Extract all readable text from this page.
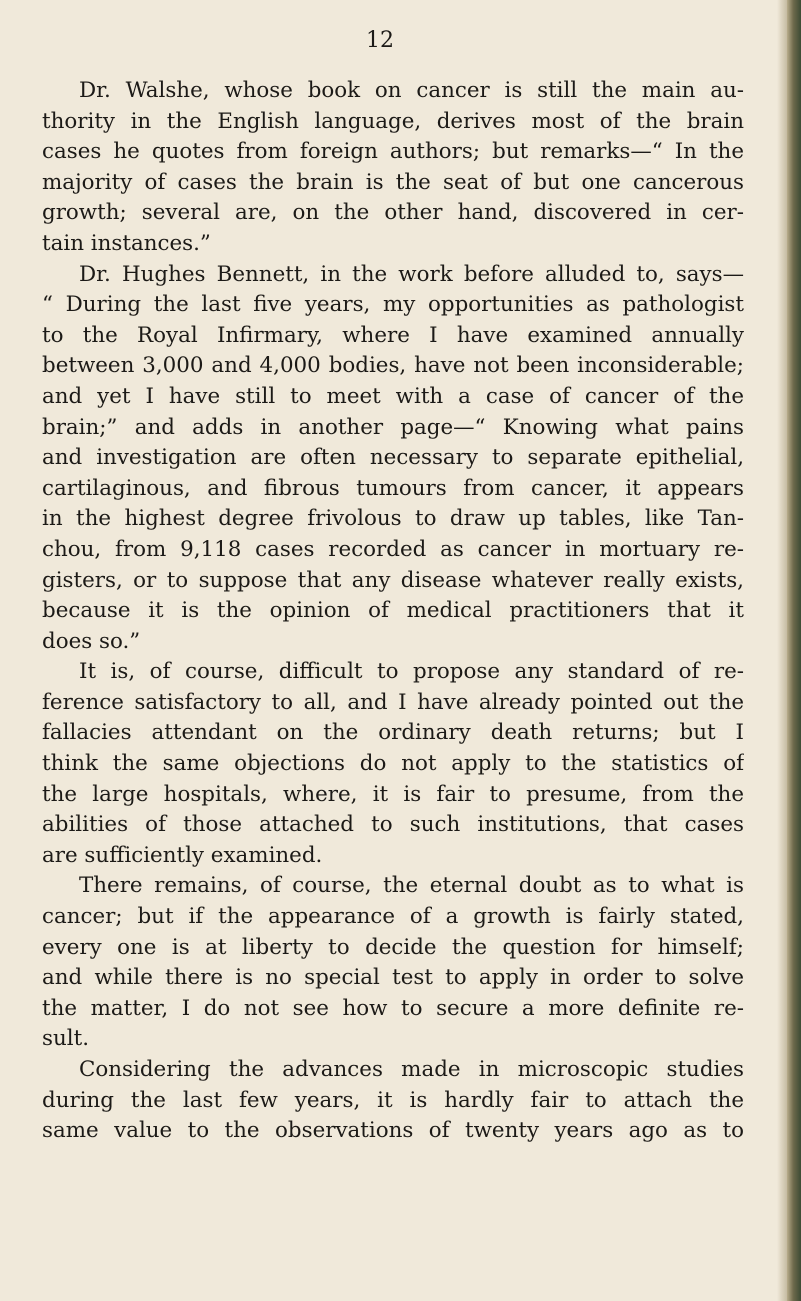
12
Dr. Walshe, whose book on cancer is still the main au-
thority in the English language, derives most of the brain
cases he quotes from foreign authors; but remarks—“ In the
majority of cases the brain is the seat of but one cancerous
growth; several are, on the other hand, discovered in cer-
tain instances.”
Dr. Hughes Bennett, in the work before alluded to, says—
“ During the last five years, my opportunities as pathologist
to the Royal Infirmary, where I have examined annually
between 3,000 and 4,000 bodies, have not been inconsiderable;
and yet I have still to meet with a case of cancer of the
brain;” and adds in another page—“ Knowing what pains
and investigation are often necessary to separate epithelial,
cartilaginous, and fibrous tumours from cancer, it appears
in the highest degree frivolous to draw up tables, like Tan-
chou, from 9,118 cases recorded as cancer in mortuary re-
gisters, or to suppose that any disease whatever really exists,
because it is the opinion of medical practitioners that it
does so.”
It is, of course, difficult to propose any standard of re-
ference satisfactory to all, and I have already pointed out the
fallacies attendant on the ordinary death returns; but I
think the same objections do not apply to the statistics of
the large hospitals, where, it is fair to presume, from the
abilities of those attached to such institutions, that cases
are sufficiently examined.
There remains, of course, the eternal doubt as to what is
cancer; but if the appearance of a growth is fairly stated,
every one is at liberty to decide the question for himself;
and while there is no special test to apply in order to solve
the matter, I do not see how to secure a more definite re-
sult.
Considering the advances made in microscopic studies
during the last few years, it is hardly fair to attach the
same value to the observations of twenty years ago as to
